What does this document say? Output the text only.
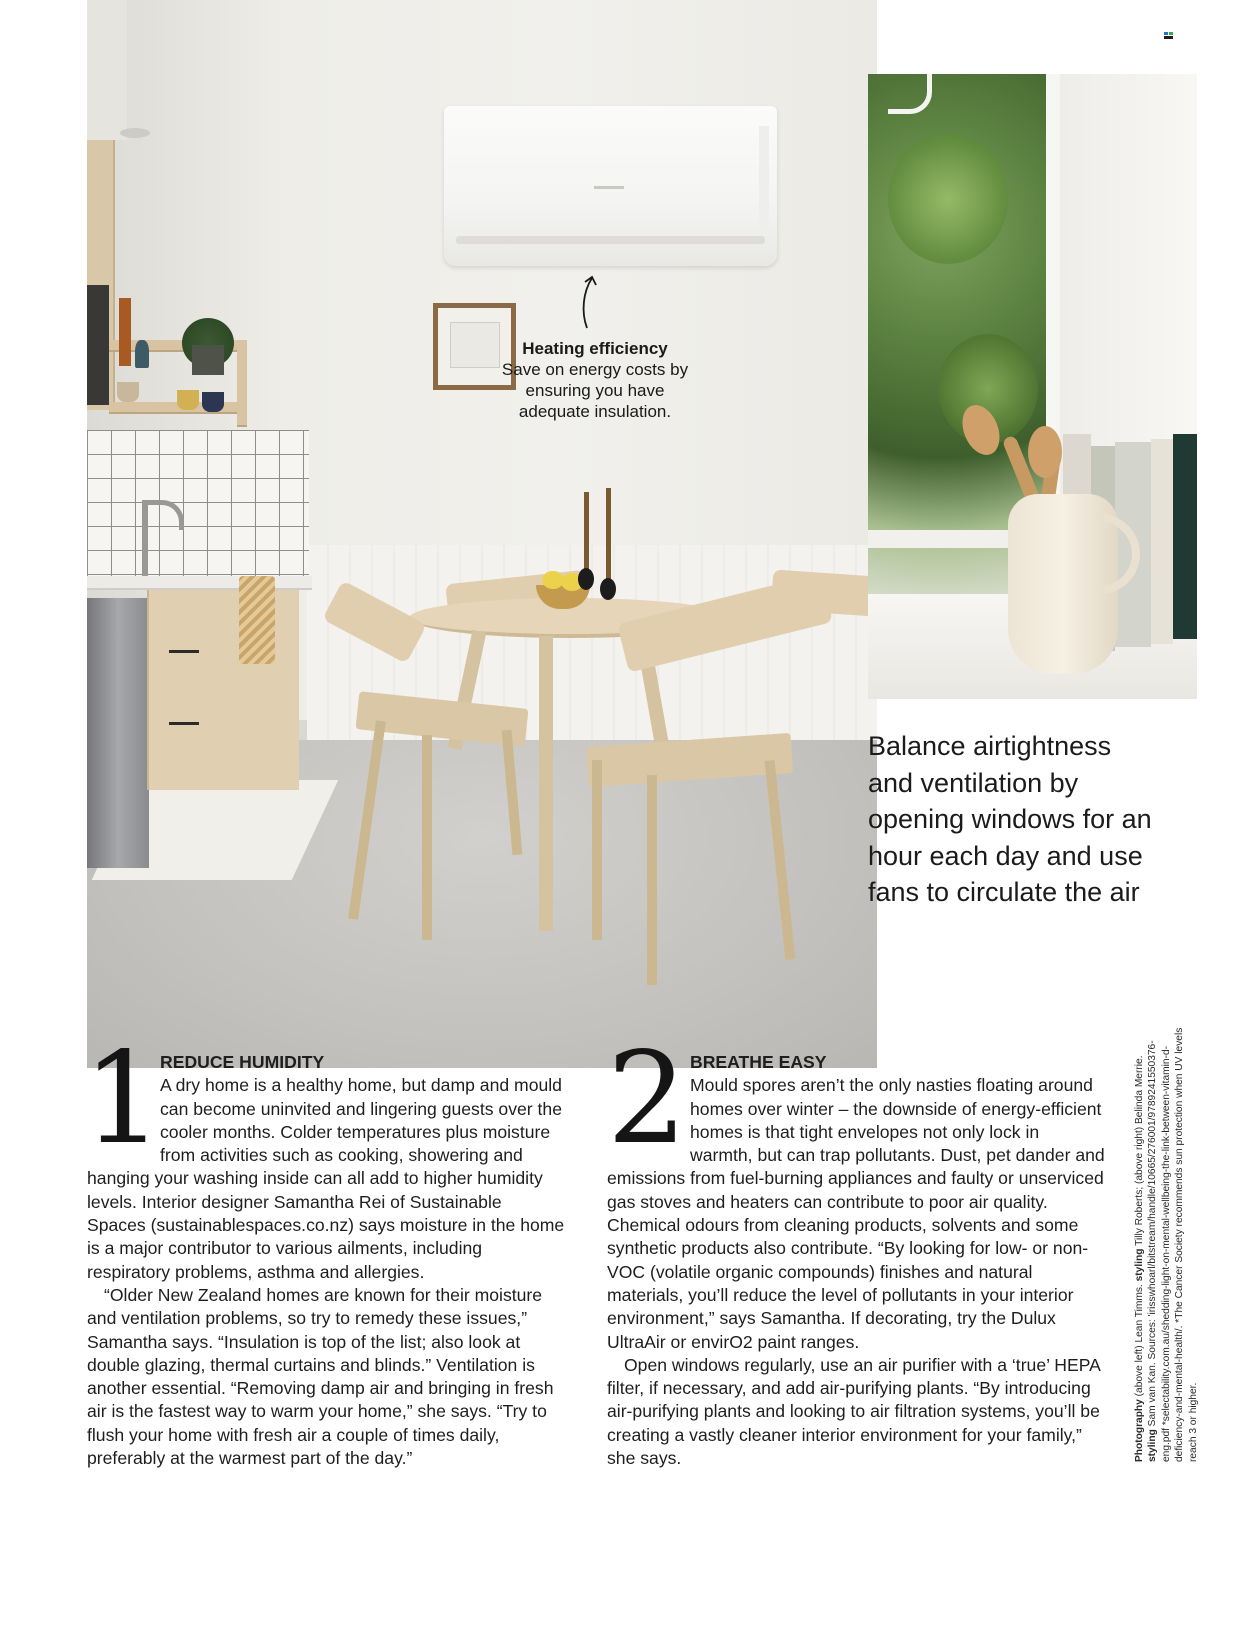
Heating efficiency
Save on energy costs by ensuring you have adequate insulation.
Balance airtightness and ventilation by opening windows for an hour each day and use fans to circulate the air
1
REDUCE HUMIDITY

A dry home is a healthy home, but damp and mould can become uninvited and lingering guests over the cooler months. Colder temperatures plus moisture from activities such as cooking, showering and hanging your washing inside can all add to higher humidity levels. Interior designer Samantha Rei of Sustainable Spaces (sustainablespaces.co.nz) says moisture in the home is a major contributor to various ailments, including respiratory problems, asthma and allergies.

“Older New Zealand homes are known for their moisture and ventilation problems, so try to remedy these issues,” Samantha says. “Insulation is top of the list; also look at double glazing, thermal curtains and blinds.” Ventilation is another essential. “Removing damp air and bringing in fresh air is the fastest way to warm your home,” she says. “Try to flush your home with fresh air a couple of times daily, preferably at the warmest part of the day.”

2 BREATHE EASY

Mould spores aren’t the only nasties floating around homes over winter – the downside of energy-efficient homes is that tight envelopes not only lock in warmth, but can trap pollutants. Dust, pet dander and emissions from fuel-burning appliances and faulty or unserviced gas stoves and heaters can contribute to poor air quality. Chemical odours from cleaning products, solvents and some synthetic products also contribute. “By looking for low- or non-VOC (volatile organic compounds) finishes and natural materials, you’ll reduce the level of pollutants in your interior environment,” says Samantha. If decorating, try the Dulux UltraAir or envirO2 paint ranges.

Open windows regularly, use an air purifier with a ‘true’ HEPA filter, if necessary, and add air-purifying plants. “By introducing air-purifying plants and looking to air filtration systems, you’ll be creating a vastly cleaner interior environment for your family,” she says.	Photography (above left) Lean Timms. styling Tilly Roberts; (above right) Belinda Merrie. styling Sam van Kan. Sources: 'irisswhoarl/bitstream/handle/10665/276001/9789241550376-eng.pdf *selectability.com.au/shedding-light-on-mental-wellbeing-the-link-between-vitamin-d-deficiency-and-mental-health/. *The Cancer Society recommends sun protection when UV levels reach 3 or higher.
